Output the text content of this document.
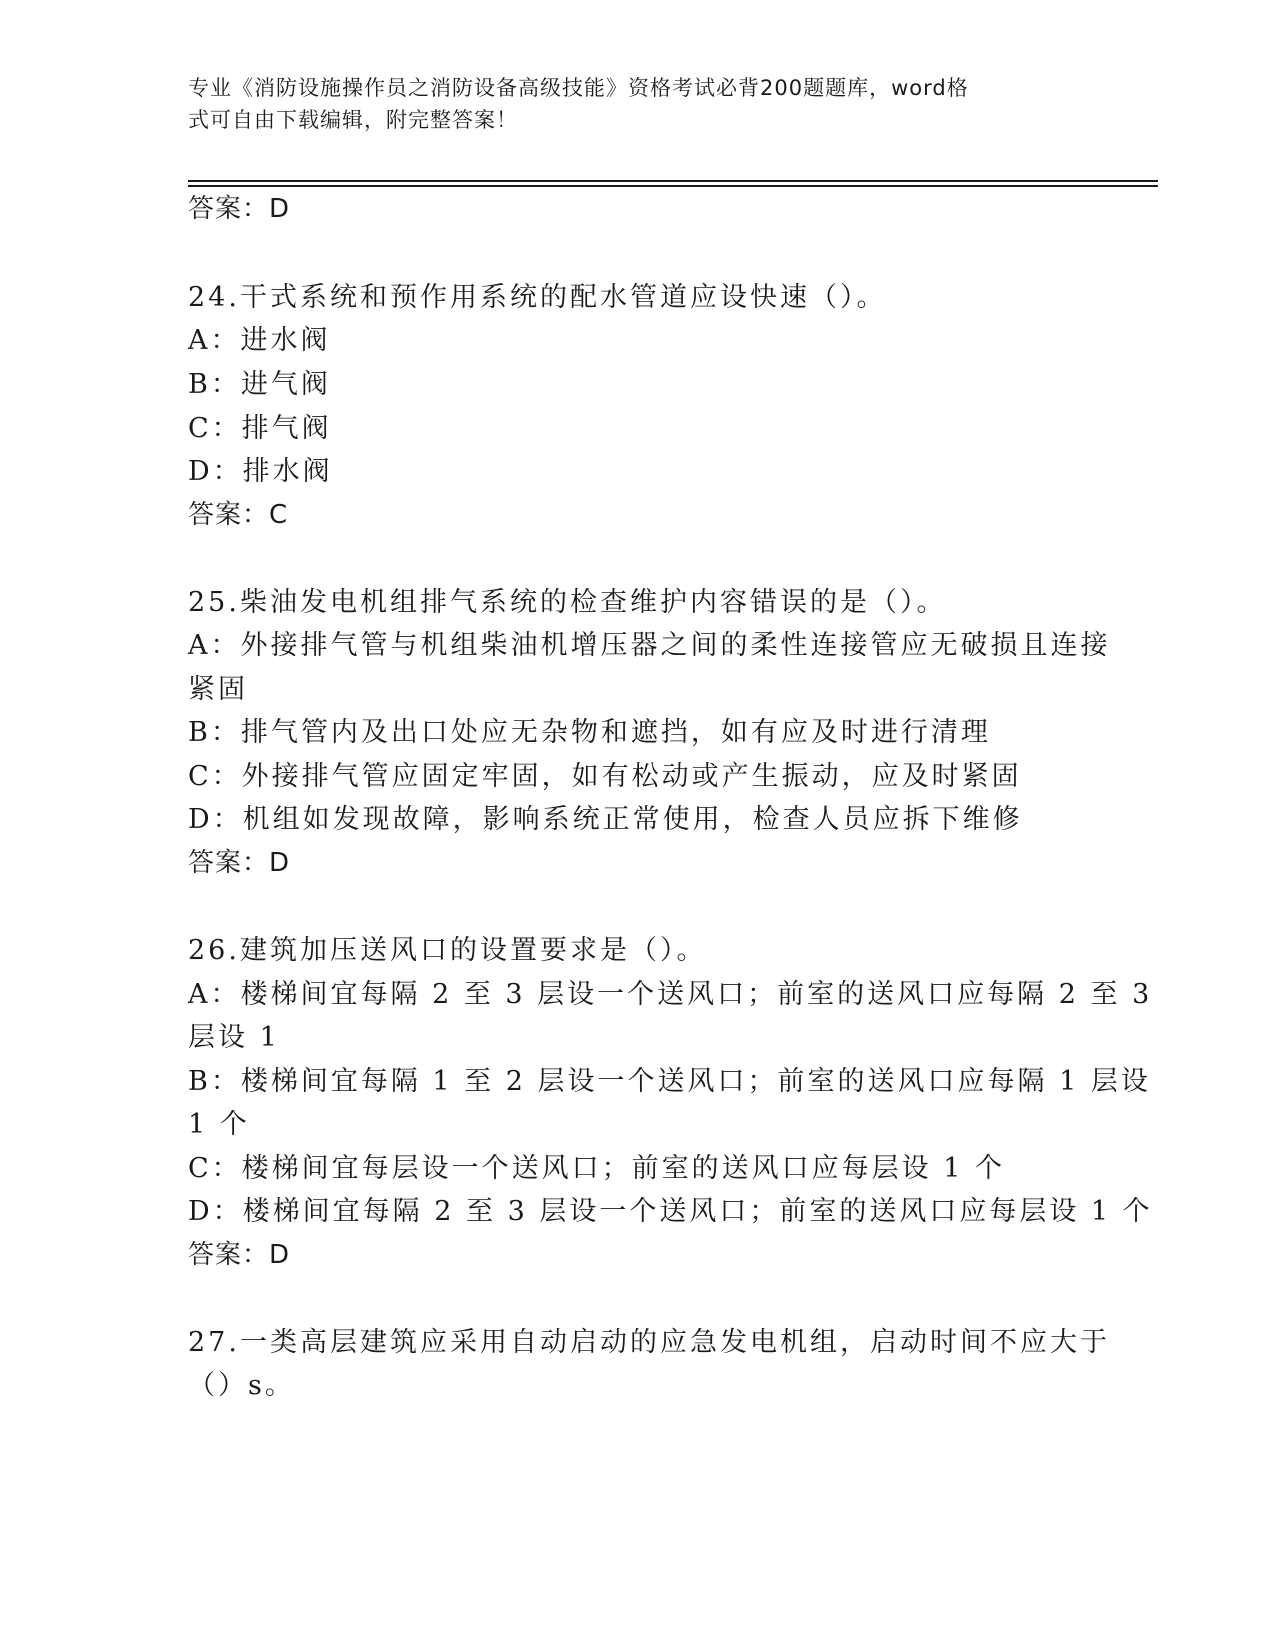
专业《消防设施操作员之消防设备高级技能》资格考试必背200题题库，word格
式可自由下载编辑，附完整答案！
答案：D
24.干式系统和预作用系统的配水管道应设快速（）。
A：进水阀
B：进气阀
C：排气阀
D：排水阀
答案：C
25.柴油发电机组排气系统的检查维护内容错误的是（）。
A：外接排气管与机组柴油机增压器之间的柔性连接管应无破损且连接
紧固
B：排气管内及出口处应无杂物和遮挡，如有应及时进行清理
C：外接排气管应固定牢固，如有松动或产生振动，应及时紧固
D：机组如发现故障，影响系统正常使用，检查人员应拆下维修
答案：D
26.建筑加压送风口的设置要求是（）。
A：楼梯间宜每隔 2 至 3 层设一个送风口；前室的送风口应每隔 2 至 3
层设 1
B：楼梯间宜每隔 1 至 2 层设一个送风口；前室的送风口应每隔 1 层设
1 个
C：楼梯间宜每层设一个送风口；前室的送风口应每层设 1 个
D：楼梯间宜每隔 2 至 3 层设一个送风口；前室的送风口应每层设 1 个
答案：D
27.一类高层建筑应采用自动启动的应急发电机组，启动时间不应大于
（）s。
